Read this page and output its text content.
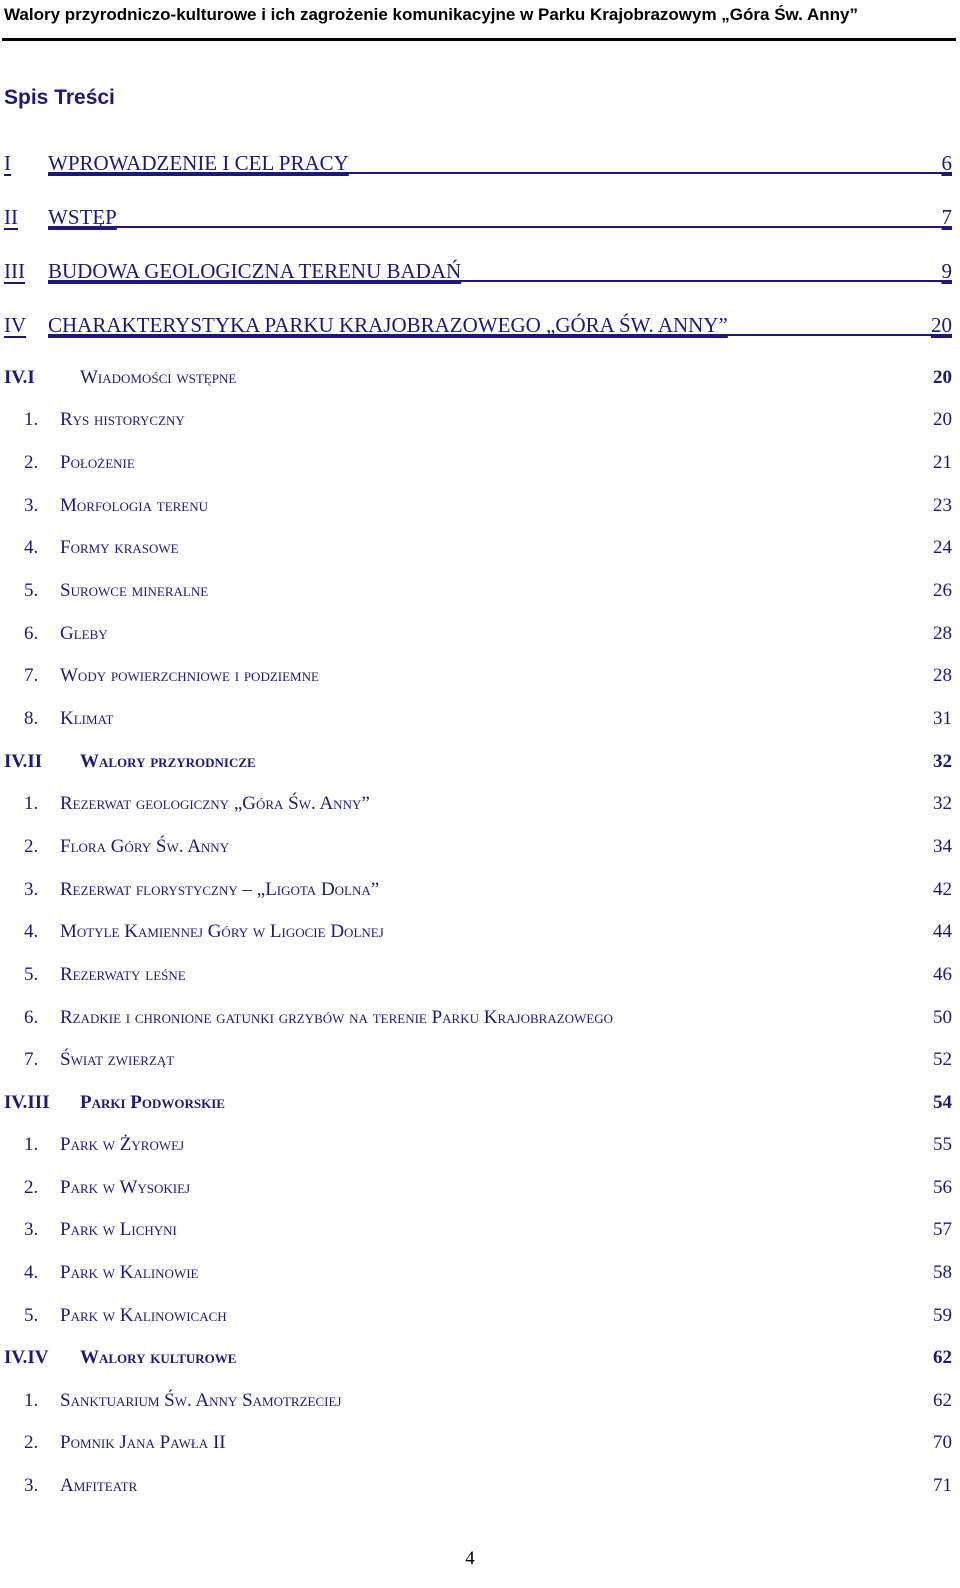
Walory przyrodniczo-kulturowe i ich zagrożenie komunikacyjne w Parku Krajobrazowym „Góra Św. Anny”
Spis Treści
I WPROWADZENIE I CEL PRACY	6
II WSTĘP	7
III BUDOWA GEOLOGICZNA TERENU BADAŃ	9
IV CHARAKTERYSTYKA PARKU KRAJOBRAZOWEGO „GÓRA ŚW. ANNY”	20
IV.I Wiadomości wstępne	20
1. Rys historyczny	20
2. Położenie	21
3. Morfologia terenu	23
4. Formy krasowe	24
5. Surowce mineralne	26
6. Gleby	28
7. Wody powierzchniowe i podziemne	28
8. Klimat	31
IV.II Walory przyrodnicze	32
1. Rezerwat geologiczny „Góra Św. Anny”	32
2. Flora Góry Św. Anny	34
3. Rezerwat florystyczny – „Ligota Dolna”	42
4. Motyle Kamiennej Góry w Ligocie Dolnej	44
5. Rezerwaty leśne	46
6. Rzadkie i chronione gatunki grzybów na terenie Parku Krajobrazowego	50
7. Świat zwierząt	52
IV.III Parki Podworskie	54
1. Park w Żyrowej	55
2. Park w Wysokiej	56
3. Park w Lichyni	57
4. Park w Kalinowie	58
5. Park w Kalinowicach	59
IV.IV Walory kulturowe	62
1. Sanktuarium Św. Anny Samotrzeciej	62
2. Pomnik Jana Pawła II	70
3. Amfiteatr	71
4
